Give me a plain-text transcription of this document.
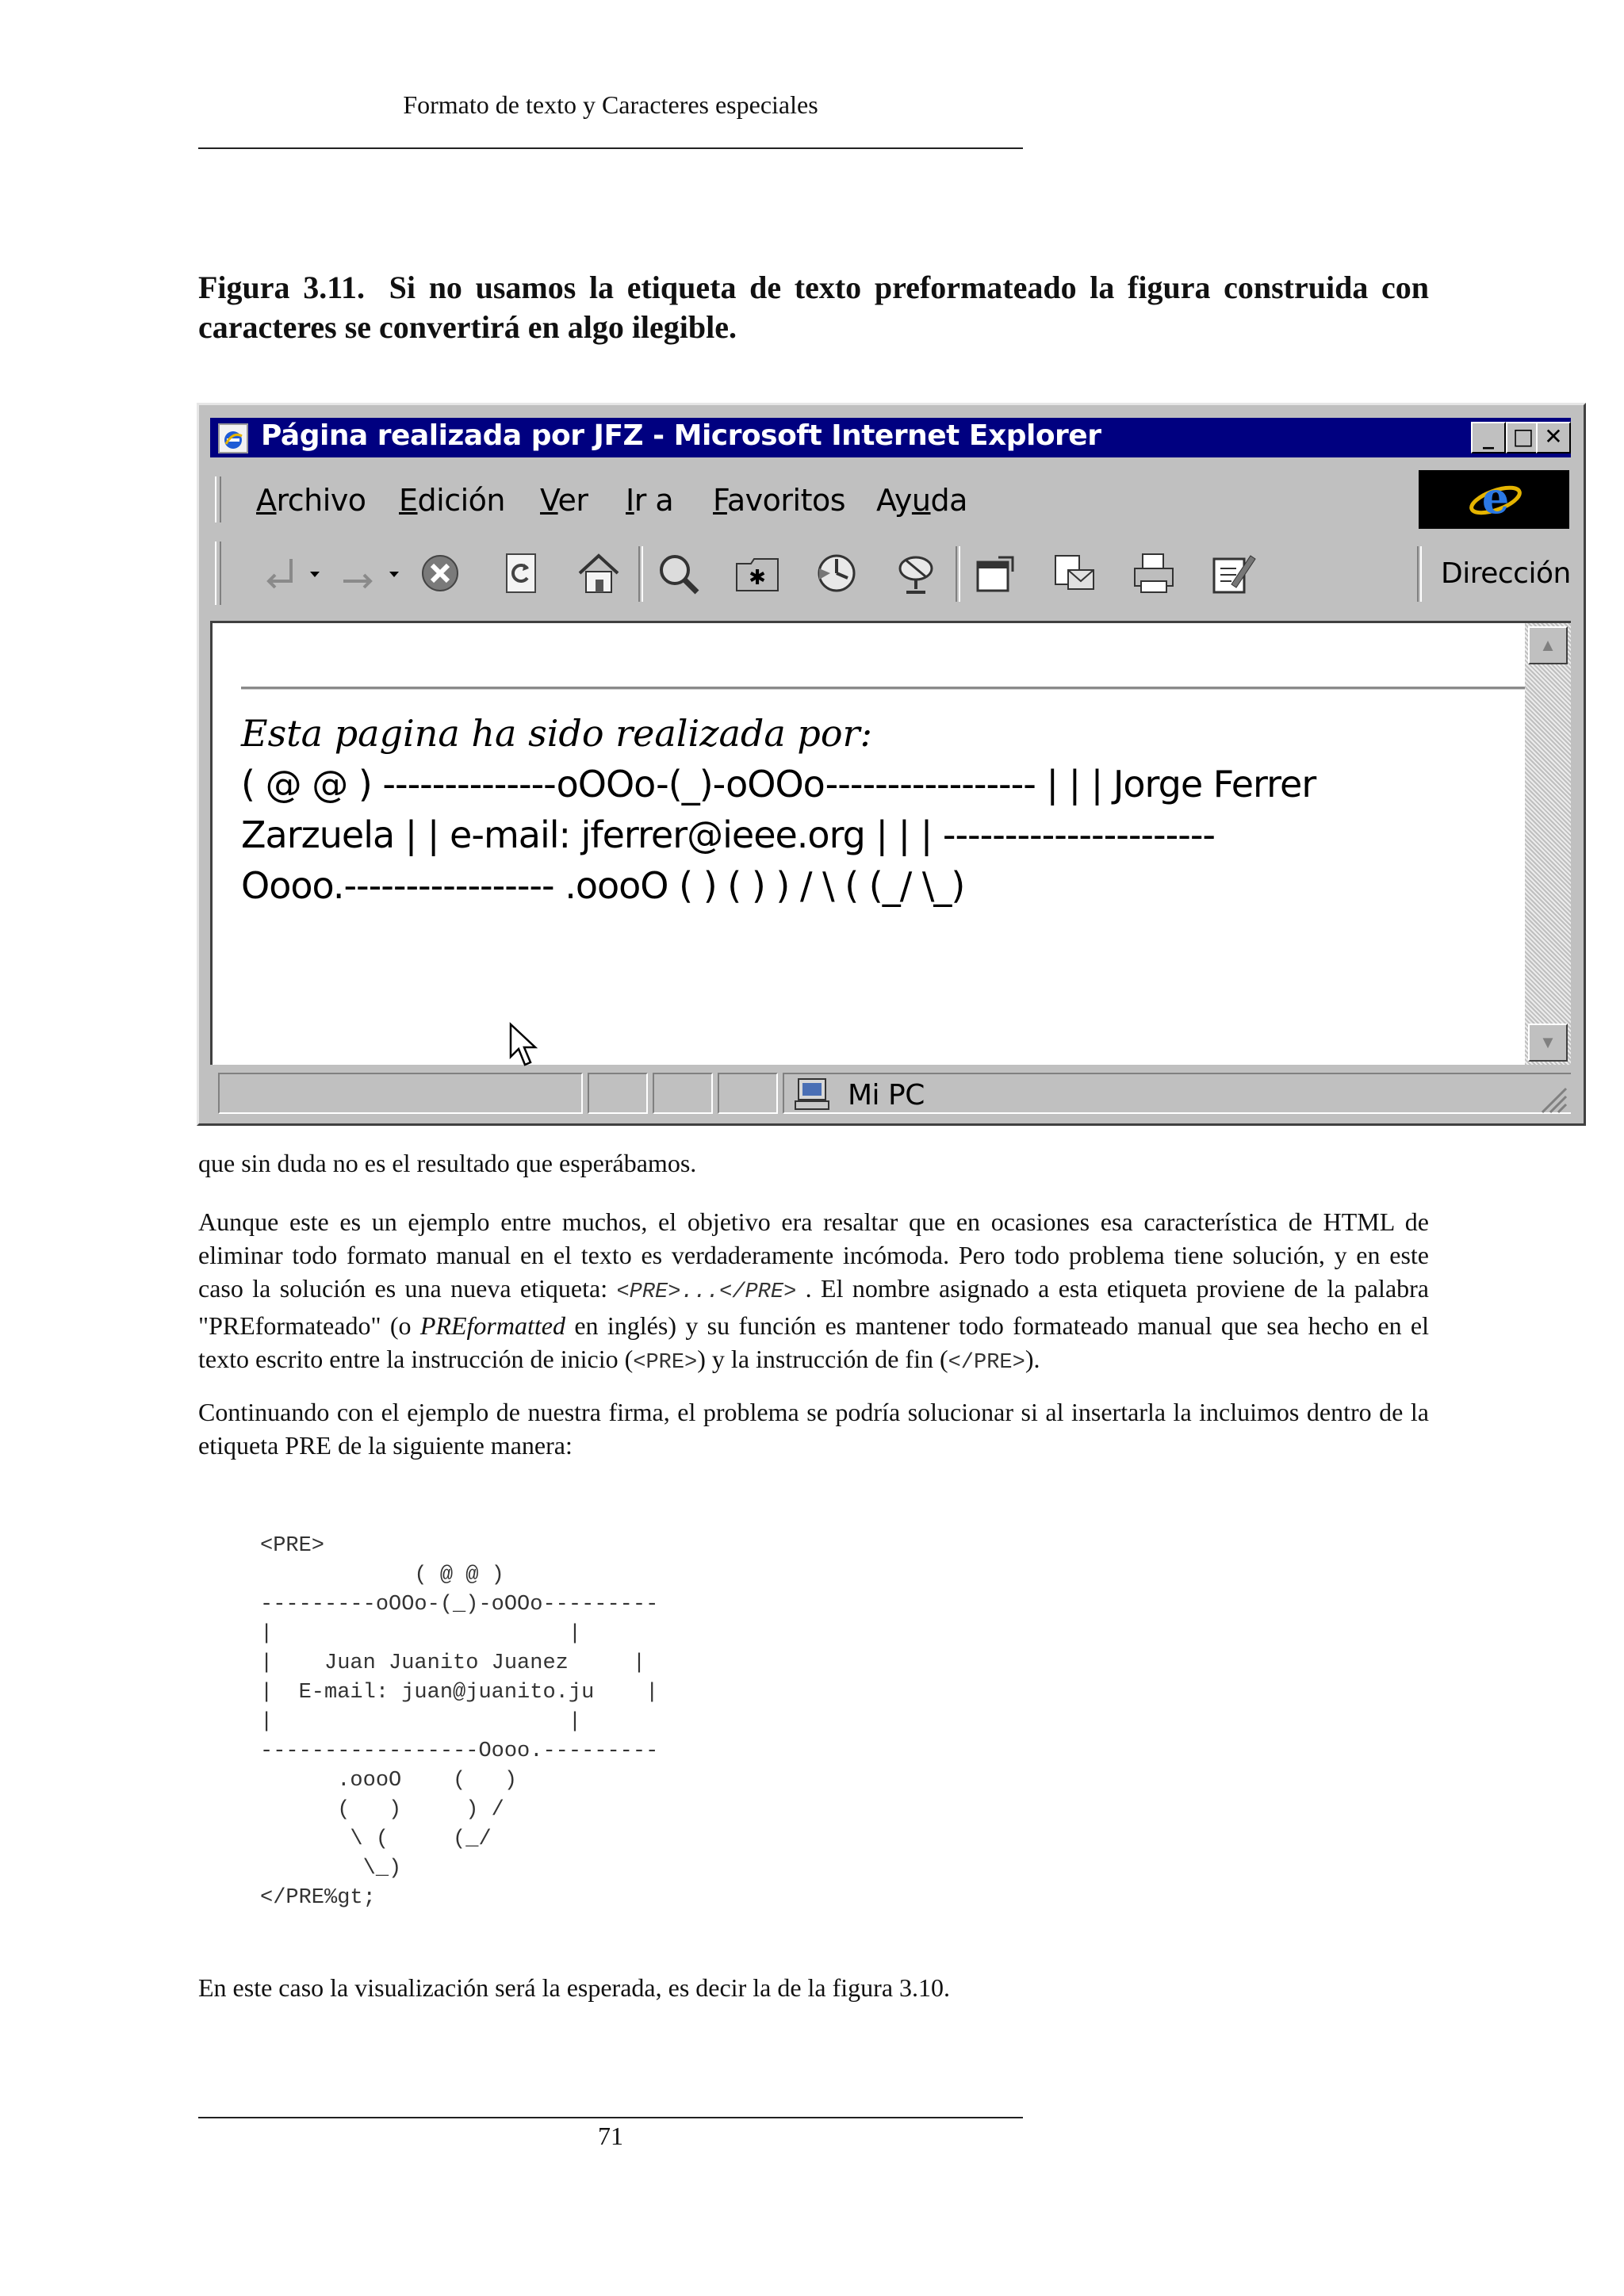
Formato de texto y Caracteres especiales
Figura 3.11. Si no usamos la etiqueta de texto preformateado la figura construida con caracteres se convertirá en algo ilegible.
Página realizada por JFZ - Microsoft Internet Explorer	_ □ ✕
Archivo Edición Ver Ir a Favoritos Ayuda	e
✱	Dirección
Esta pagina ha sido realizada por:
( @ @ ) --------------oOOo-(_)-oOOo----------------- | | | Jorge Ferrer
Zarzuela | | e-mail: jferrer@ieee.org | | | ----------------------
Oooo.----------------- .oooO ( ) ( ) ) / \ ( (_/ \_)
▲
▼
Mi PC

que sin duda no es el resultado que esperábamos.

Aunque este es un ejemplo entre muchos, el objetivo era resaltar que en ocasiones esa característica de HTML de eliminar todo formato manual en el texto es verdaderamente incómoda. Pero todo problema tiene solución, y en este caso la solución es una nueva etiqueta: <PRE>...</PRE> . El nombre asignado a esta etiqueta proviene de la palabra "PREformateado" (o PREformatted en inglés) y su función es mantener todo formateado manual que sea hecho en el texto escrito entre la instrucción de inicio (<PRE>) y la instrucción de fin (</PRE>).

Continuando con el ejemplo de nuestra firma, el problema se podría solucionar si al insertarla la incluimos dentro de la etiqueta PRE de la siguiente manera:

<PRE>
( @ @ )
---------oOOo-(_)-oOOo---------
|                       |
|    Juan Juanito Juanez     |
|  E-mail: juan@juanito.ju    |
|                       |
-----------------Oooo.---------
.oooO    (   )
(   )     ) /
\ (     (_/
\_)
</PRE%gt;

En este caso la visualización será la esperada, es decir la de la figura 3.10.

71
